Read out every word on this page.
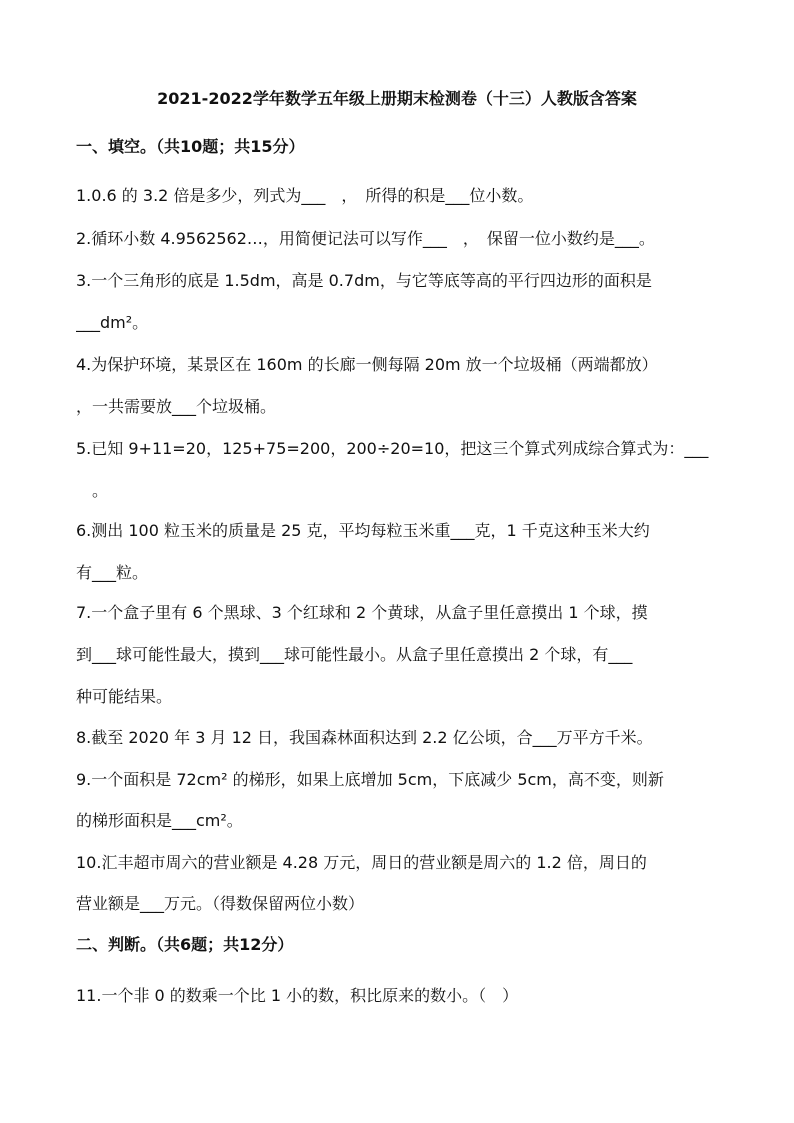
2021-2022学年数学五年级上册期末检测卷（十三）人教版含答案
一、填空。（共10题；共15分）
1.0.6 的 3.2 倍是多少，列式为___　，　所得的积是___位小数。
2.循环小数 4.9562562…，用简便记法可以写作___　，　保留一位小数约是___。
3.一个三角形的底是 1.5dm，高是 0.7dm，与它等底等高的平行四边形的面积是
___dm²。
4.为保护环境，某景区在 160m 的长廊一侧每隔 20m 放一个垃圾桶（两端都放）
，一共需要放___个垃圾桶。
5.已知 9+11=20，125+75=200，200÷20=10，把这三个算式列成综合算式为：___
　。
6.测出 100 粒玉米的质量是 25 克，平均每粒玉米重___克，1 千克这种玉米大约
有___粒。
7.一个盒子里有 6 个黑球、3 个红球和 2 个黄球，从盒子里任意摸出 1 个球，摸
到___球可能性最大，摸到___球可能性最小。从盒子里任意摸出 2 个球，有___
种可能结果。
8.截至 2020 年 3 月 12 日，我国森林面积达到 2.2 亿公顷，合___万平方千米。
9.一个面积是 72cm² 的梯形，如果上底增加 5cm，下底减少 5cm，高不变，则新
的梯形面积是___cm²。
10.汇丰超市周六的营业额是 4.28 万元，周日的营业额是周六的 1.2 倍，周日的
营业额是___万元。（得数保留两位小数）
二、判断。（共6题；共12分）
11.一个非 0 的数乘一个比 1 小的数，积比原来的数小。（　）
